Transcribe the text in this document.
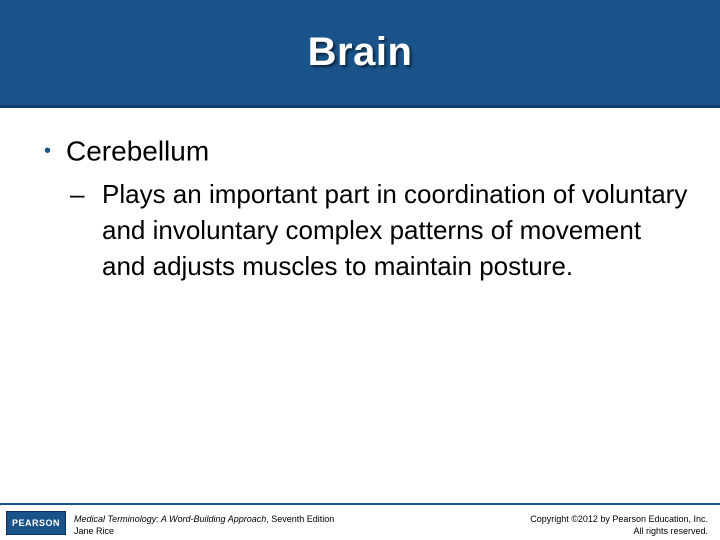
Brain
• Cerebellum
– Plays an important part in coordination of voluntary and involuntary complex patterns of movement and adjusts muscles to maintain posture.
PEARSON Medical Terminology: A Word-Building Approach, Seventh Edition
Jane Rice
Copyright ©2012 by Pearson Education, Inc.
All rights reserved.
